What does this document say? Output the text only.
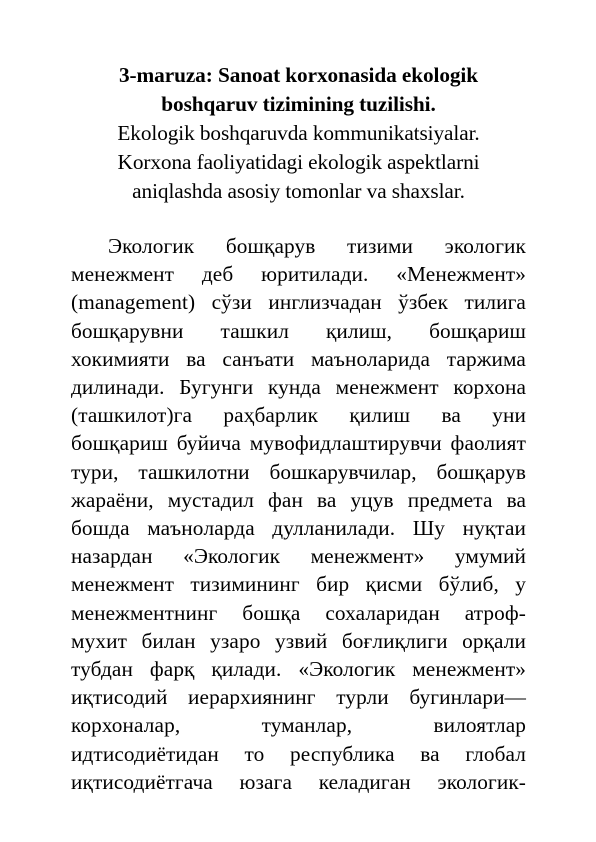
3-maruza: Sanoat korxonasida ekologik
boshqaruv tizimining tuzilishi.
Ekologik boshqaruvda kommunikatsiyalar.
Korxona faoliyatidagi ekologik aspektlarni
aniqlashda asosiy tomonlar va shaxslar.

Экологик бошқарув тизими экологик менежмент деб юритилади. «Менежмент» (management) сўзи инглизчадан ўзбек тилига бошқарувни ташкил қилиш, бошқариш хокимияти ва санъати маъноларида таржима дилинади. Бугунги кунда менежмент корхона (ташкилот)га раҳбарлик қилиш ва уни бошқариш буйича мувофидлаштирувчи фаолият тури, ташкилотни бошкарувчилар, бошқарув жараёни, мустадил фан ва уцув предмета ва бошда маънoларда дулланилади. Шу нуқтаи назардан «Экологик менежмент» умумий менежмент тизимининг бир қисми бўлиб, у менежментнинг бошқа сохаларидан атроф-мухит билан узаро узвий боғлиқлиги орқали тубдан фарқ қилади. «Экологик менежмент» иқтисодий иерархиянинг турли бугинлари— корхоналар, туманлар, вилоятлар идтисодиётидан то республика ва глобал иқтисодиётгача юзага келадиган экологик-
